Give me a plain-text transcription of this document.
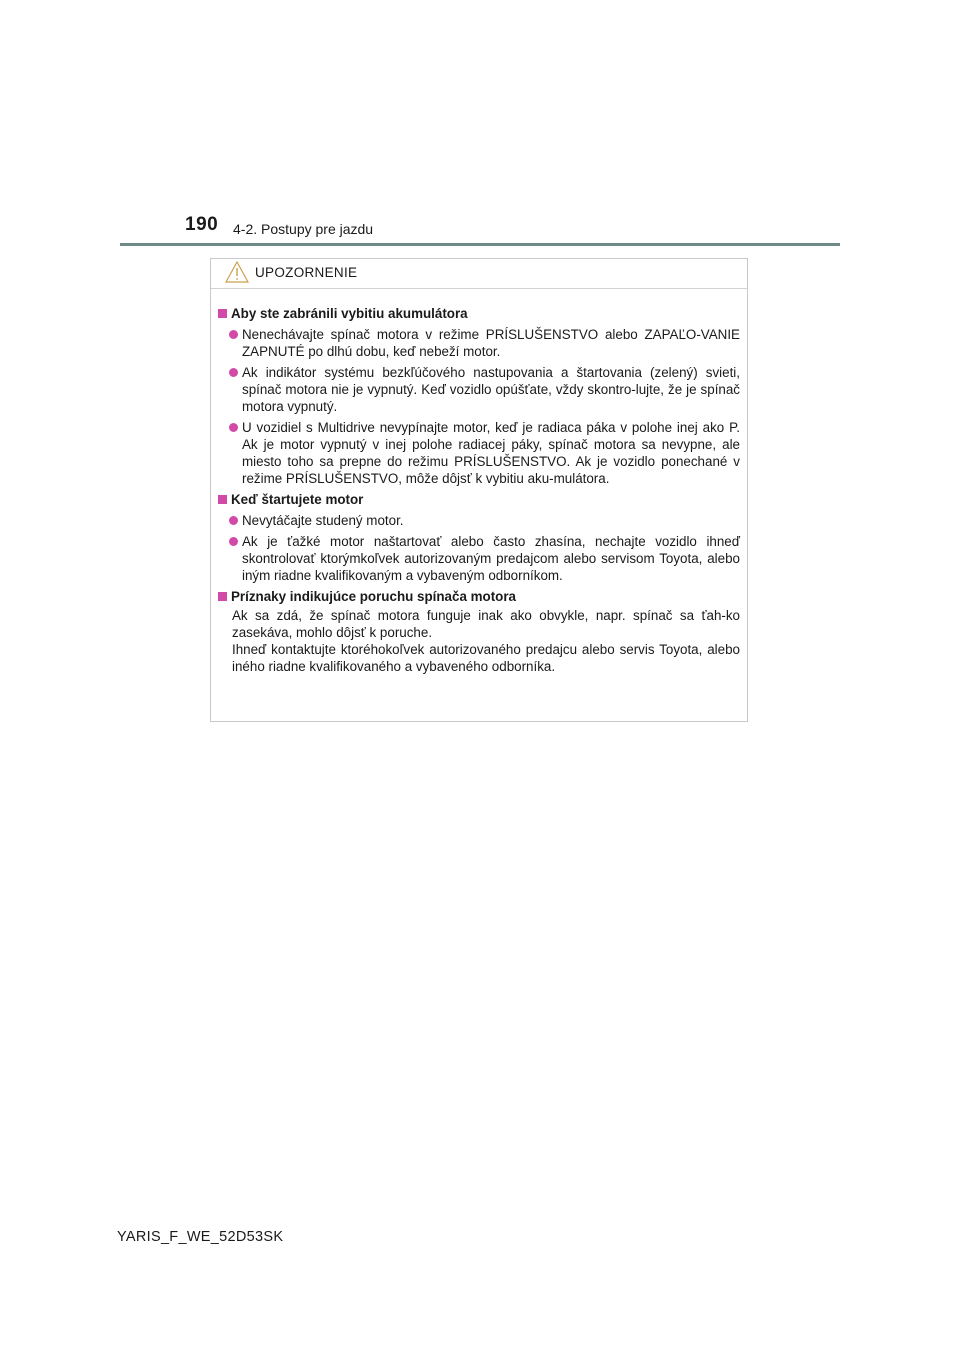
190 4-2. Postupy pre jazdu
UPOZORNENIE
Aby ste zabránili vybitiu akumulátora
Nenechávajte spínač motora v režime PRÍSLUŠENSTVO alebo ZAPAĽO-VANIE ZAPNUTÉ po dlhú dobu, keď nebeží motor.
Ak indikátor systému bezkľúčového nastupovania a štartovania (zelený) svieti, spínač motora nie je vypnutý. Keď vozidlo opúšťate, vždy skontro-lujte, že je spínač motora vypnutý.
U vozidiel s Multidrive nevypínajte motor, keď je radiaca páka v polohe inej ako P. Ak je motor vypnutý v inej polohe radiacej páky, spínač motora sa nevypne, ale miesto toho sa prepne do režimu PRÍSLUŠENSTVO. Ak je vozidlo ponechané v režime PRÍSLUŠENSTVO, môže dôjsť k vybitiu aku-mulátora.
Keď štartujete motor
Nevytáčajte studený motor.
Ak je ťažké motor naštartovať alebo často zhasína, nechajte vozidlo ihneď skontrolovať ktorýmkoľvek autorizovaným predajcom alebo servisom Toyota, alebo iným riadne kvalifikovaným a vybaveným odborníkom.
Príznaky indikujúce poruchu spínača motora
Ak sa zdá, že spínač motora funguje inak ako obvykle, napr. spínač sa ťah-ko zasekáva, mohlo dôjsť k poruche.
Ihneď kontaktujte ktoréhokoľvek autorizovaného predajcu alebo servis Toyota, alebo iného riadne kvalifikovaného a vybaveného odborníka.
YARIS_F_WE_52D53SK
